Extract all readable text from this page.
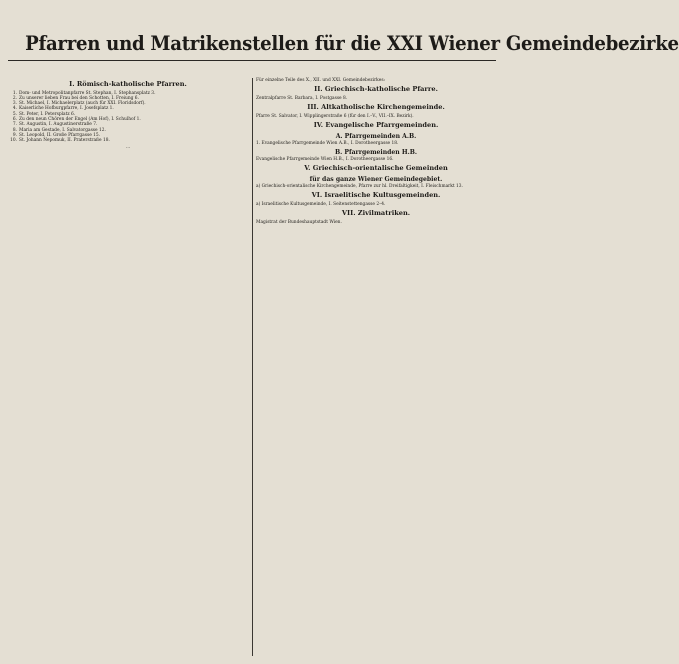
Pfarren und Matrikenstellen für die XXI Wiener Gemeindebezirke
I. Römisch-katholische Pfarren.
1. Dom- und Metropolitanpfarre St. Stephan, I. Stephansplatz 3.
2. Zu unserer lieben Frau bei den Schotten, I. Freiung 6.
3. St. Michael, I. Michaelerplatz (auch für XXI. Floridsdorf).
4. Kaiserliche Hofburgpfarre, I. Josefsplatz 1.
5. St. Peter, I. Petersplatz 6.
6. Zu den neun Chören der Engel (Am Hof), I. Schulhof 1.
7. St. Augustin, I. Augustinerstraße 7.
8. Maria am Gestade, I. Salvatorgasse 12.
9. St. Leopold, II. Große Pfarrgasse 15.
10. St. Johann Nepomuk, II. Praterstraße 18.
…

Für einzelne Teile des X., XII. und XXI. Gemeindebezirkes:

II. Griechisch-katholische Pfarre.

Zentralpfarre St. Barbara, I. Postgasse 8.

III. Altkatholische Kirchengemeinde.

Pfarre St. Salvator, I. Wipplingerstraße 6 (für den I.–V., VII.–IX. Bezirk).

IV. Evangelische Pfarrgemeinden.
A. Pfarrgemeinden A.B.

1. Evangelische Pfarrgemeinde Wien A.B., I. Dorotheergasse 18.

B. Pfarrgemeinden H.B.

Evangelische Pfarrgemeinde Wien H.B., I. Dorotheergasse 16.

V. Griechisch-orientalische Gemeinden
für das ganze Wiener Gemeindegebiet.

a) Griechisch-orientalische Kirchengemeinde, Pfarre zur hl. Dreifaltigkeit, I. Fleischmarkt 13.

VI. Israelitische Kultusgemeinden.

a) Israelitische Kultusgemeinde, I. Seitenstettengasse 2–4.

VII. Zivilmatriken.

Magistrat der Bundeshauptstadt Wien.
